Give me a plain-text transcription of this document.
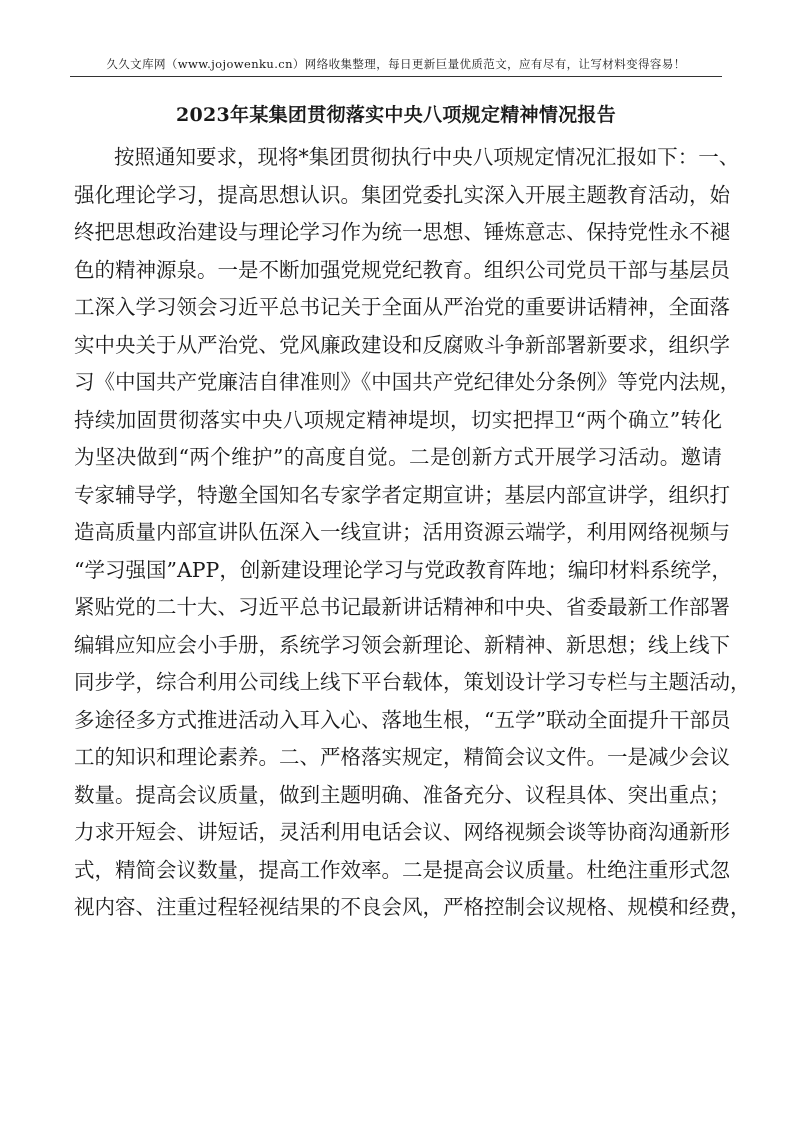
久久文库网（www.jojowenku.cn）网络收集整理，每日更新巨量优质范文，应有尽有，让写材料变得容易！
2023年某集团贯彻落实中央八项规定精神情况报告
按照通知要求，现将*集团贯彻执行中央八项规定情况汇报如下：一、
强化理论学习，提高思想认识。集团党委扎实深入开展主题教育活动，始
终把思想政治建设与理论学习作为统一思想、锤炼意志、保持党性永不褪
色的精神源泉。一是不断加强党规党纪教育。组织公司党员干部与基层员
工深入学习领会习近平总书记关于全面从严治党的重要讲话精神，全面落
实中央关于从严治党、党风廉政建设和反腐败斗争新部署新要求，组织学
习《中国共产党廉洁自律准则》《中国共产党纪律处分条例》等党内法规，
持续加固贯彻落实中央八项规定精神堤坝，切实把捍卫“两个确立”转化
为坚决做到“两个维护”的高度自觉。二是创新方式开展学习活动。邀请
专家辅导学，特邀全国知名专家学者定期宣讲；基层内部宣讲学，组织打
造高质量内部宣讲队伍深入一线宣讲；活用资源云端学，利用网络视频与
“学习强国”APP，创新建设理论学习与党政教育阵地；编印材料系统学，
紧贴党的二十大、习近平总书记最新讲话精神和中央、省委最新工作部署
编辑应知应会小手册，系统学习领会新理论、新精神、新思想；线上线下
同步学，综合利用公司线上线下平台载体，策划设计学习专栏与主题活动，
多途径多方式推进活动入耳入心、落地生根，“五学”联动全面提升干部员
工的知识和理论素养。二、严格落实规定，精简会议文件。一是减少会议
数量。提高会议质量，做到主题明确、准备充分、议程具体、突出重点；
力求开短会、讲短话，灵活利用电话会议、网络视频会谈等协商沟通新形
式，精简会议数量，提高工作效率。二是提高会议质量。杜绝注重形式忽
视内容、注重过程轻视结果的不良会风，严格控制会议规格、规模和经费，
